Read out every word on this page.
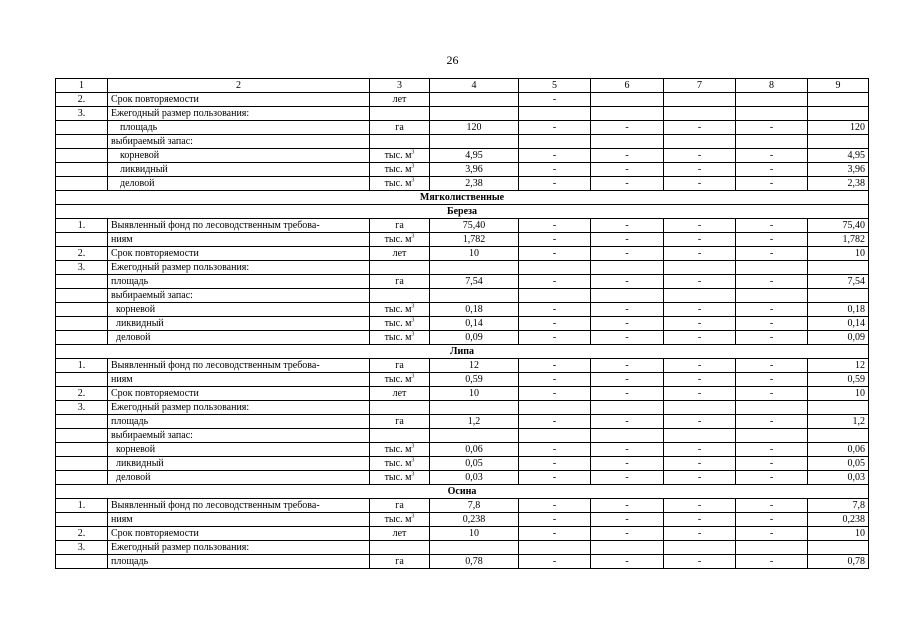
26
1	2	3	4	5	6	7	8	9
2.	Срок повторяемости	лет		-				
3.	Ежегодный размер пользования:							
	площадь	га	120	-	-	-	-	120
	выбираемый запас:							
	корневой	тыс. $м^3$	4,95	-	-	-	-	4,95
	ликвидный	тыс. $м^3$	3,96	-	-	-	-	3,96
	деловой	тыс. $м^3$	2,38	-	-	-	-	2,38
Мягколиственные								
Береза								
1.	Выявленный фонд по лесоводственным требова-	га	75,40	-	-	-	-	75,40
	ниям	тыс. $м^3$	1,782	-	-	-	-	1,782
2.	Срок повторяемости	лет	10	-	-	-	-	10
3.	Ежегодный размер пользования:							
	площадь	га	7,54	-	-	-	-	7,54
	выбираемый запас:							
	корневой	тыс. $м^3$	0,18	-	-	-	-	0,18
	ликвидный	тыс. $м^3$	0,14	-	-	-	-	0,14
	деловой	тыс. $м^3$	0,09	-	-	-	-	0,09
Липа								
1.	Выявленный фонд по лесоводственным требова-	га	12	-	-	-	-	12
	ниям	тыс. $м^3$	0,59	-	-	-	-	0,59
2.	Срок повторяемости	лет	10	-	-	-	-	10
3.	Ежегодный размер пользования:							
	площадь	га	1,2	-	-	-	-	1,2
	выбираемый запас:							
	корневой	тыс. $м^3$	0,06	-	-	-	-	0,06
	ликвидный	тыс. $м^3$	0,05	-	-	-	-	0,05
	деловой	тыс. $м^3$	0,03	-	-	-	-	0,03
Осина								
1.	Выявленный фонд по лесоводственным требова-	га	7,8	-	-	-	-	7,8
	ниям	тыс. $м^3$	0,238	-	-	-	-	0,238
2.	Срок повторяемости	лет	10	-	-	-	-	10
3.	Ежегодный размер пользования:							
	площадь	га	0,78	-	-	-	-	0,78
